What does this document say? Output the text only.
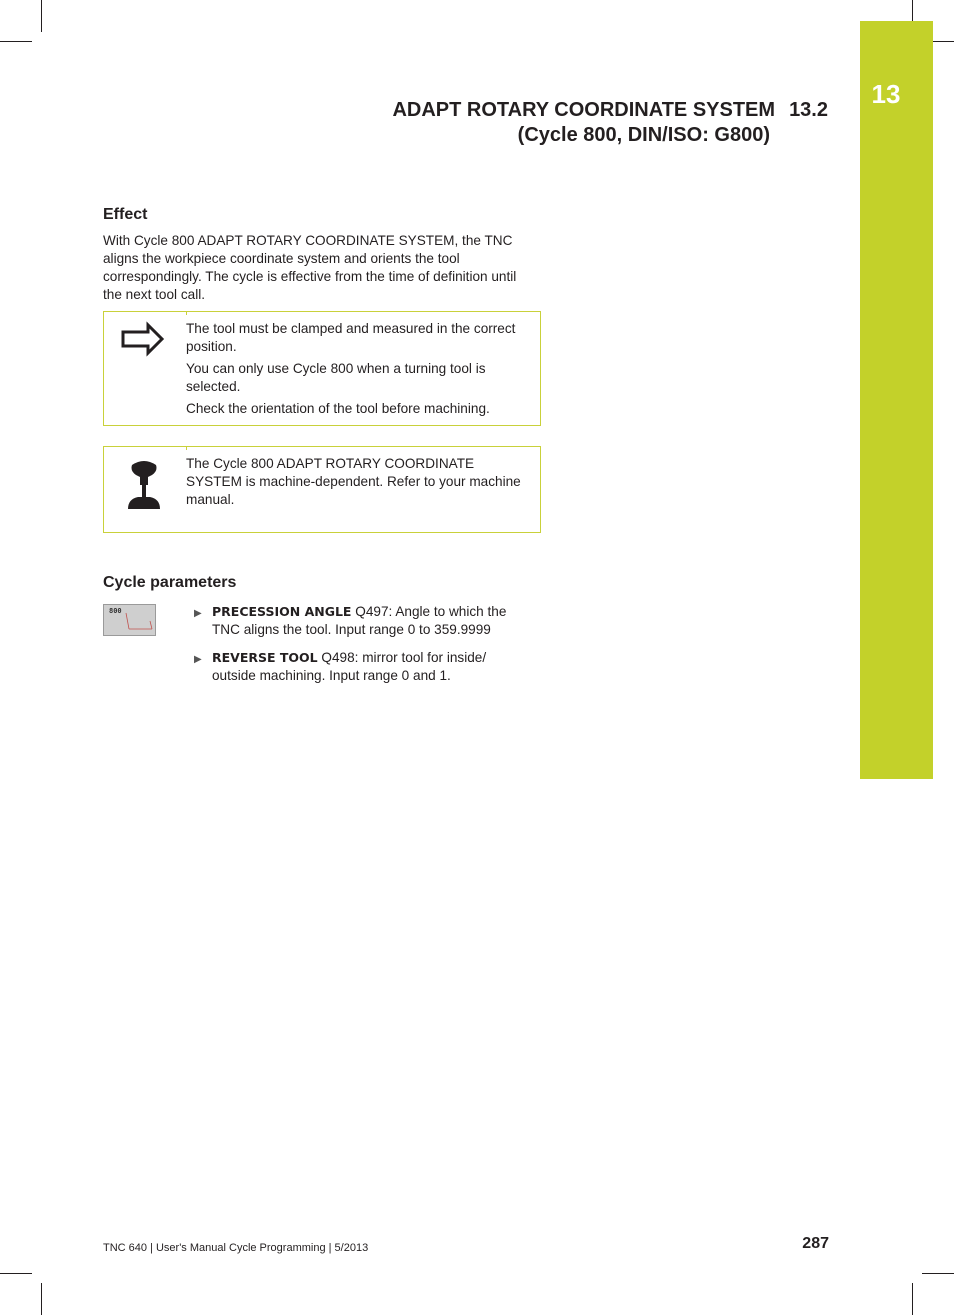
13
ADAPT ROTARY COORDINATE SYSTEM 13.2
(Cycle 800, DIN/ISO: G800)
Effect

With Cycle 800 ADAPT ROTARY COORDINATE SYSTEM, the TNC aligns the workpiece coordinate system and orients the tool correspondingly. The cycle is effective from the time of definition until the next tool call.

The tool must be clamped and measured in the correct position.

You can only use Cycle 800 when a turning tool is selected.

Check the orientation of the tool before machining.

The Cycle 800 ADAPT ROTARY COORDINATE SYSTEM is machine-dependent. Refer to your machine manual.

Cycle parameters
800	▶ PRECESSION ANGLE Q497: Angle to which the TNC aligns the tool. Input range 0 to 359.9999
▶ REVERSE TOOL Q498: mirror tool for inside/ outside machining. Input range 0 and 1.
TNC 640 | User's Manual Cycle Programming | 5/2013	287
